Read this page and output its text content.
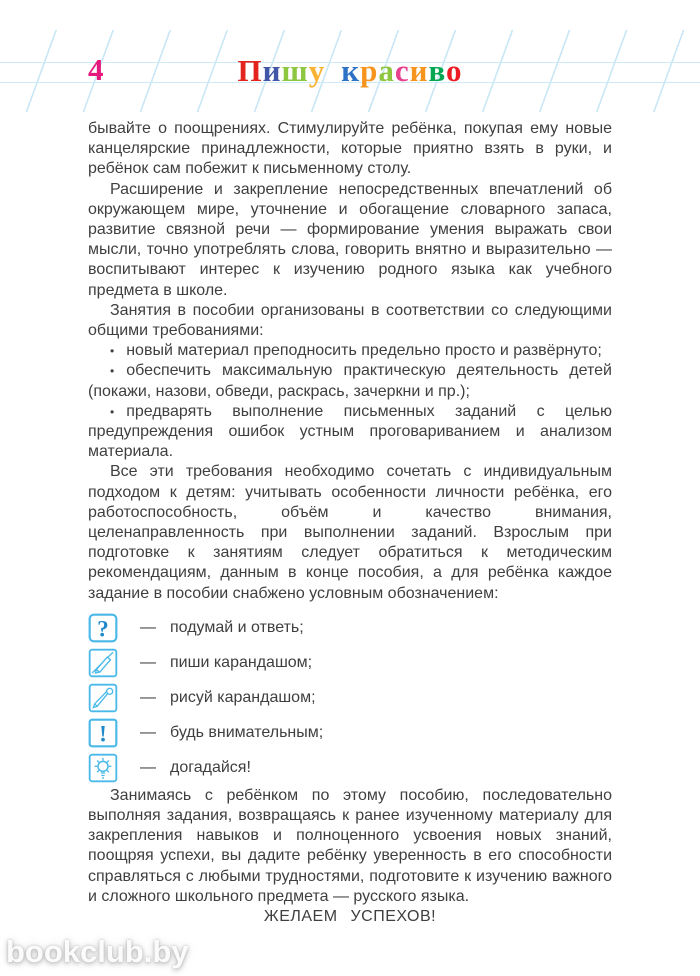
4	Пишу красиво

бывайте о поощрениях. Стимулируйте ребёнка, покупая ему новые канцелярские принадлежности, которые приятно взять в руки, и ребёнок сам побежит к письменному столу.

Расширение и закрепление непосредственных впечатлений об окружающем мире, уточнение и обогащение словарного запаса, развитие связной речи — формирование умения выражать свои мысли, точно употреблять слова, говорить внятно и выразительно — воспитывают интерес к изучению родного языка как учебного предмета в школе.

Занятия в пособии организованы в соответствии со следующими общими требованиями:

• новый материал преподносить предельно просто и развёрнуто;

• обеспечить максимальную практическую деятельность детей (покажи, назови, обведи, раскрась, зачеркни и пр.);

• предварять выполнение письменных заданий с целью предупреждения ошибок устным проговариванием и анализом материала.

Все эти требования необходимо сочетать с индивидуальным подходом к детям: учитывать особенности личности ребёнка, его работоспособность, объём и качество внимания, целенаправленность при выполнении заданий. Взрослым при подготовке к занятиям следует обратиться к методическим рекомендациям, данным в конце пособия, а для ребёнка каждое задание в пособии снабжено условным обозначением:

? — подумай и ответь;
— пиши карандашом;
— рисуй карандашом;
! — будь внимательным;
— догадайся!

Занимаясь с ребёнком по этому пособию, последовательно выполняя задания, возвращаясь к ранее изученному материалу для закрепления навыков и полноценного усвоения новых знаний, поощряя успехи, вы дадите ребёнку уверенность в его способности справляться с любыми трудностями, подготовите к изучению важного и сложного школьного предмета — русского языка.

ЖЕЛАЕМ УСПЕХОВ!

bookclub.by
